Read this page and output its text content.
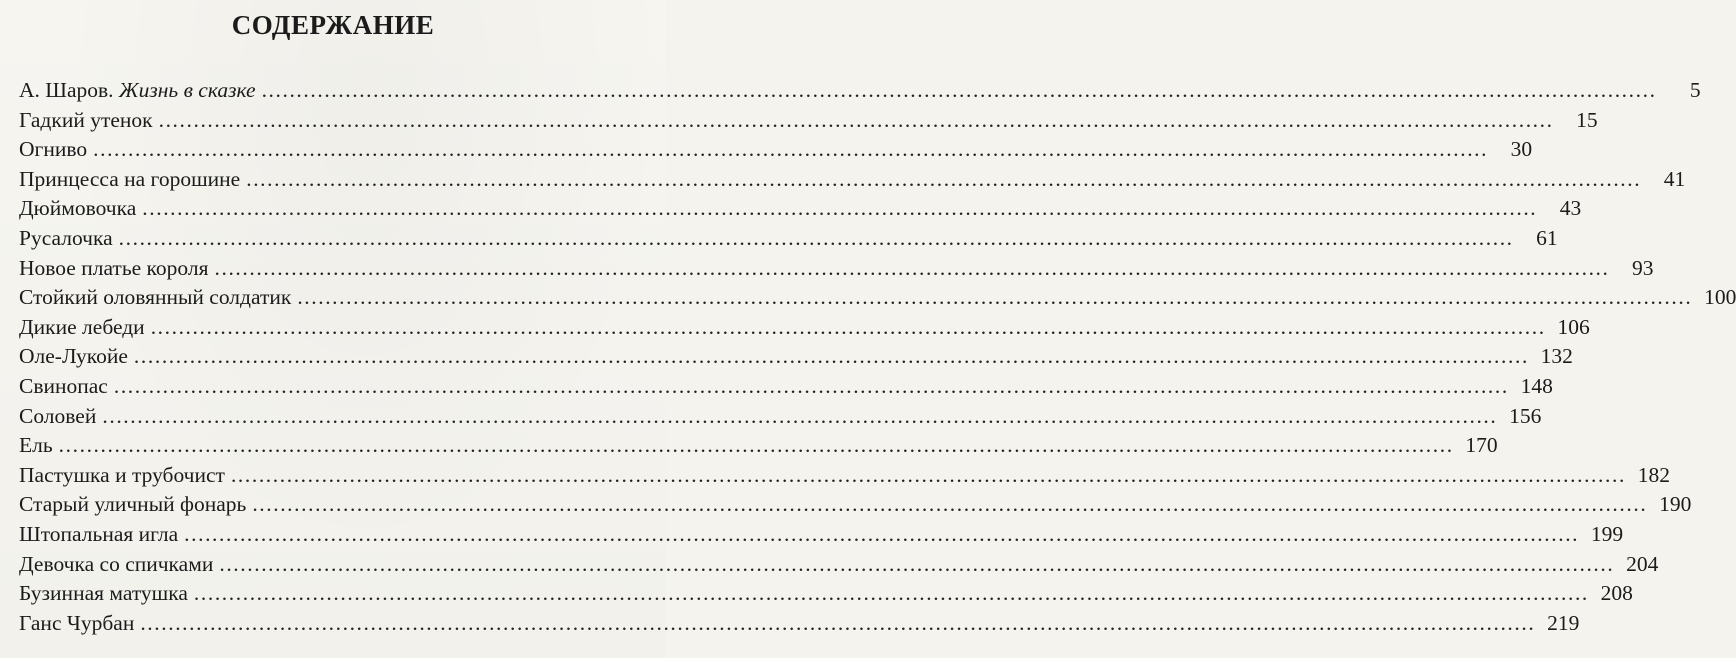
СОДЕРЖАНИЕ
А. Шаров. Жизнь в сказке ........................................................................................................................................................................................................	5
Гадкий утенок ........................................................................................................................................................................................................	15
Огниво ........................................................................................................................................................................................................	30
Принцесса на горошине ........................................................................................................................................................................................................	41
Дюймовочка ........................................................................................................................................................................................................	43
Русалочка ........................................................................................................................................................................................................	61
Новое платье короля ........................................................................................................................................................................................................	93
Стойкий оловянный солдатик ........................................................................................................................................................................................................ 100
Дикие лебеди ........................................................................................................................................................................................................ 106
Оле-Лукойе ........................................................................................................................................................................................................ 132
Свинопас ........................................................................................................................................................................................................ 148
Соловей ........................................................................................................................................................................................................ 156
Ель ........................................................................................................................................................................................................ 170
Пастушка и трубочист ........................................................................................................................................................................................................ 182
Старый уличный фонарь ........................................................................................................................................................................................................ 190
Штопальная игла ........................................................................................................................................................................................................ 199
Девочка со спичками ........................................................................................................................................................................................................ 204
Бузинная матушка ........................................................................................................................................................................................................ 208
Ганс Чурбан ........................................................................................................................................................................................................ 219
